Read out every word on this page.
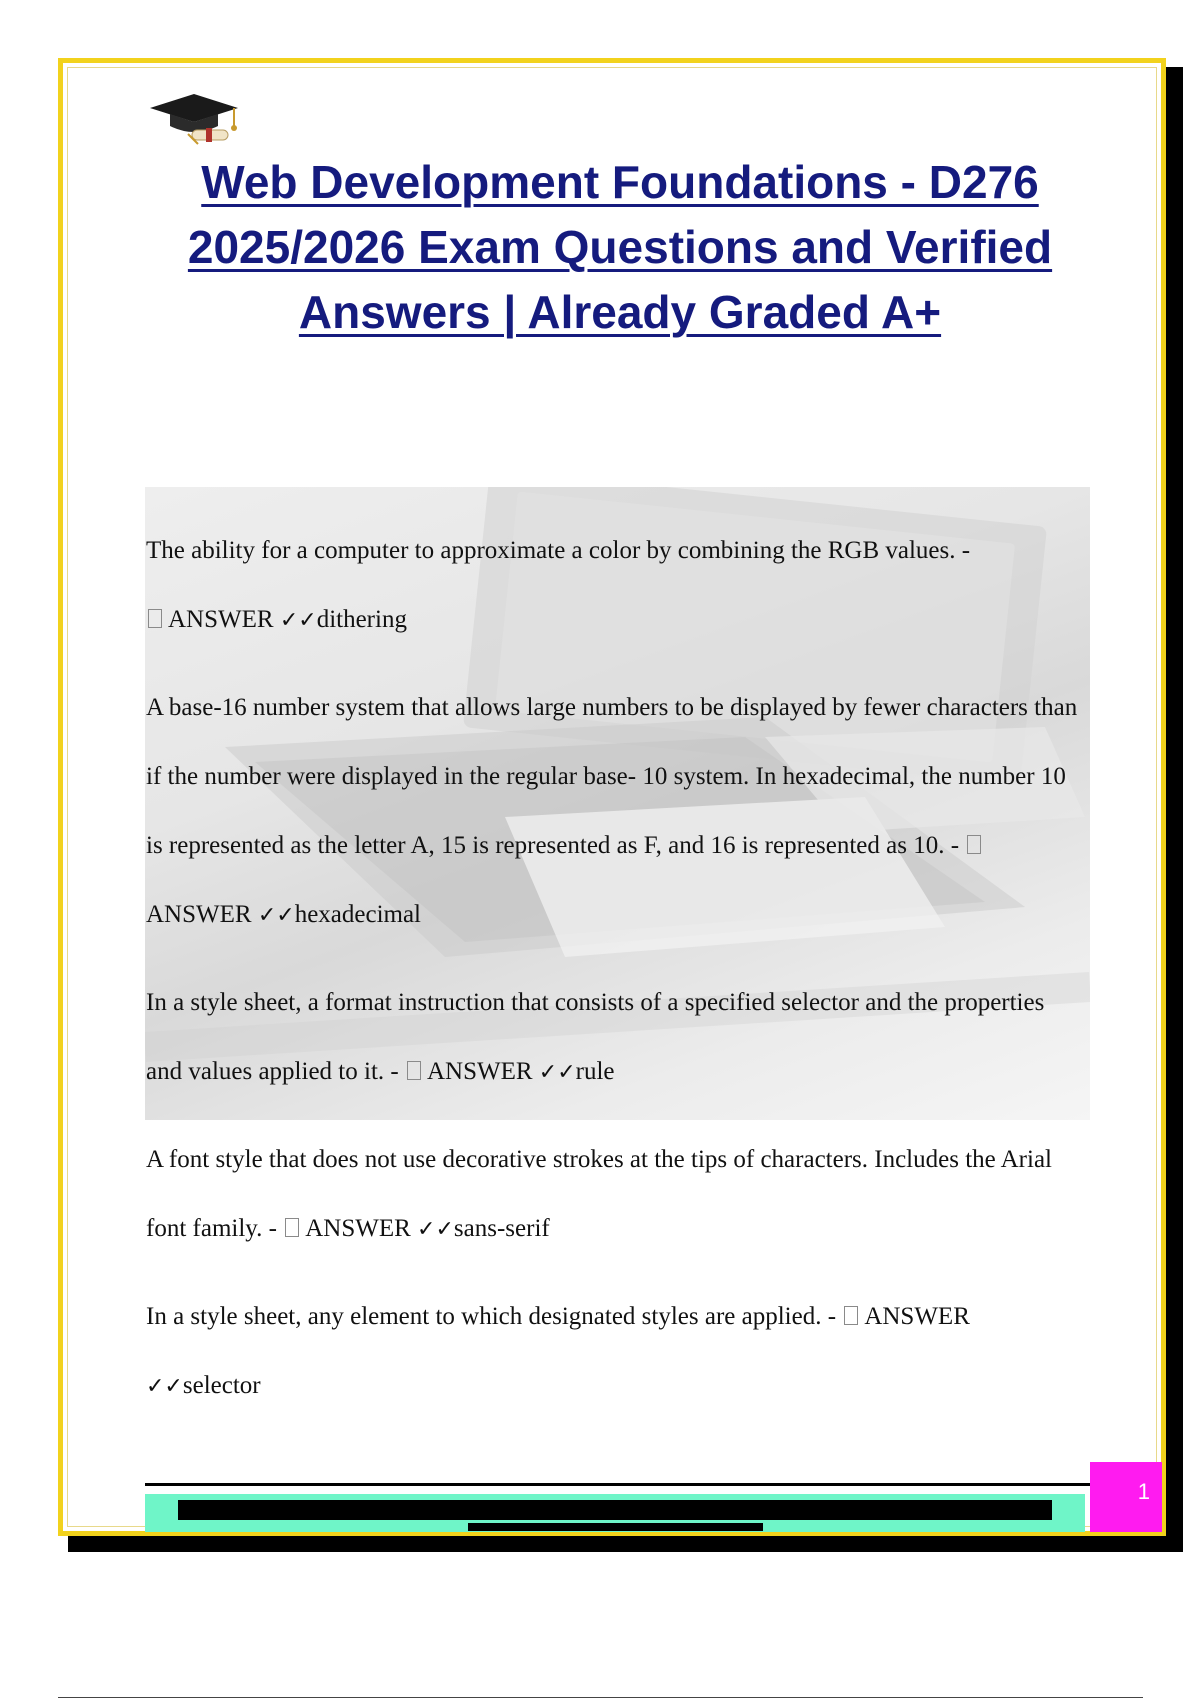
Web Development Foundations - D276 2025/2026 Exam Questions and Verified Answers | Already Graded A+

The ability for a computer to approximate a color by combining the RGB values. -
ANSWER ✓✓dithering

A base-16 number system that allows large numbers to be displayed by fewer characters than if the number were displayed in the regular base- 10 system. In hexadecimal, the number 10 is represented as the letter A, 15 is represented as F, and 16 is represented as 10. - ANSWER ✓✓hexadecimal

In a style sheet, a format instruction that consists of a specified selector and the properties and values applied to it. - ANSWER ✓✓rule

A font style that does not use decorative strokes at the tips of characters. Includes the Arial font family. - ANSWER ✓✓sans-serif

In a style sheet, any element to which designated styles are applied. - ANSWER ✓✓selector

1
